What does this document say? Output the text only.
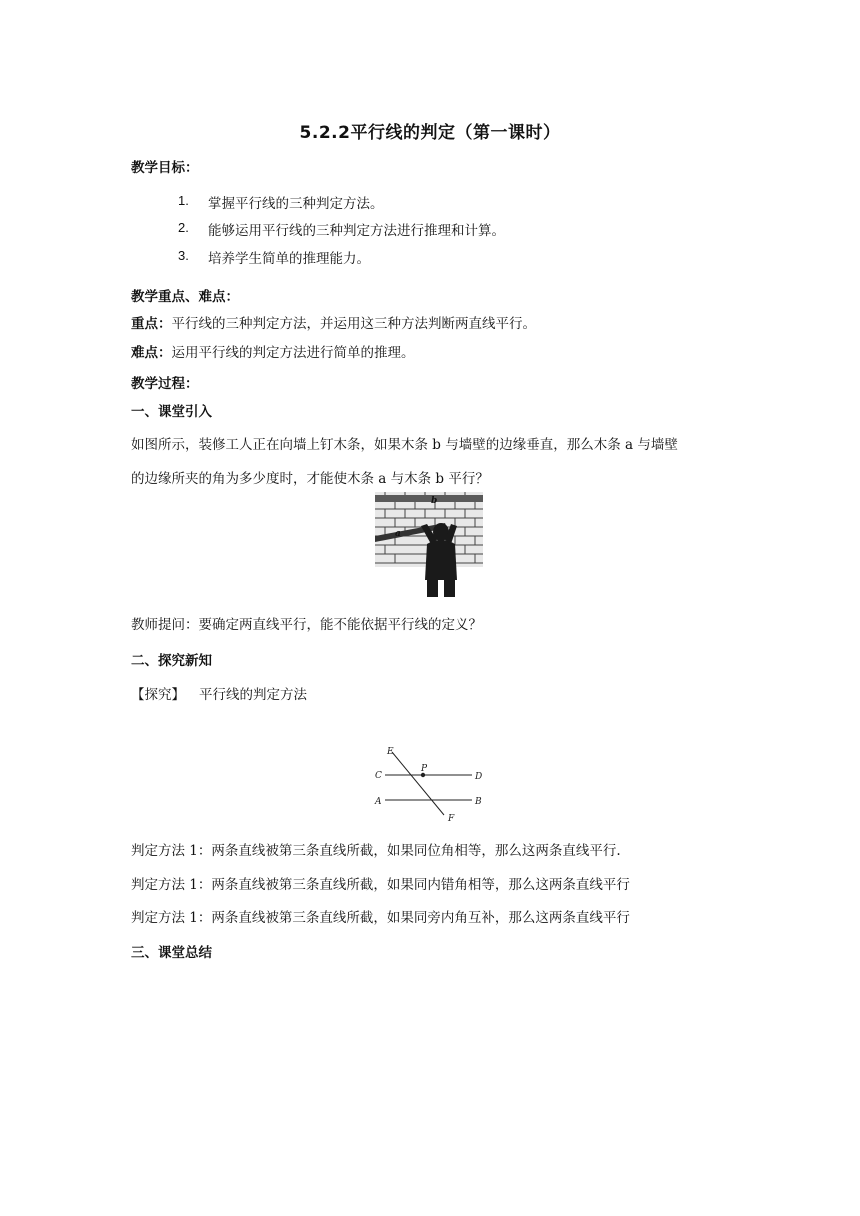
5.2.2平行线的判定（第一课时）
教学目标：
1. 掌握平行线的三种判定方法。
2. 能够运用平行线的三种判定方法进行推理和计算。
3. 培养学生简单的推理能力。
教学重点、难点：
重点：平行线的三种判定方法，并运用这三种方法判断两直线平行。
难点：运用平行线的判定方法进行简单的推理。
教学过程：
一、课堂引入
如图所示，装修工人正在向墙上钉木条，如果木条 b 与墙壁的边缘垂直，那么木条 a 与墙壁
的边缘所夹的角为多少度时，才能使木条 a 与木条 b 平行？
b
a
教师提问：要确定两直线平行，能不能依据平行线的定义？
二、探究新知
【探究】 平行线的判定方法
E
P
C	D
A	B
F
判定方法 1：两条直线被第三条直线所截，如果同位角相等，那么这两条直线平行.
判定方法 1：两条直线被第三条直线所截，如果同内错角相等，那么这两条直线平行
判定方法 1：两条直线被第三条直线所截，如果同旁内角互补，那么这两条直线平行
三、课堂总结
